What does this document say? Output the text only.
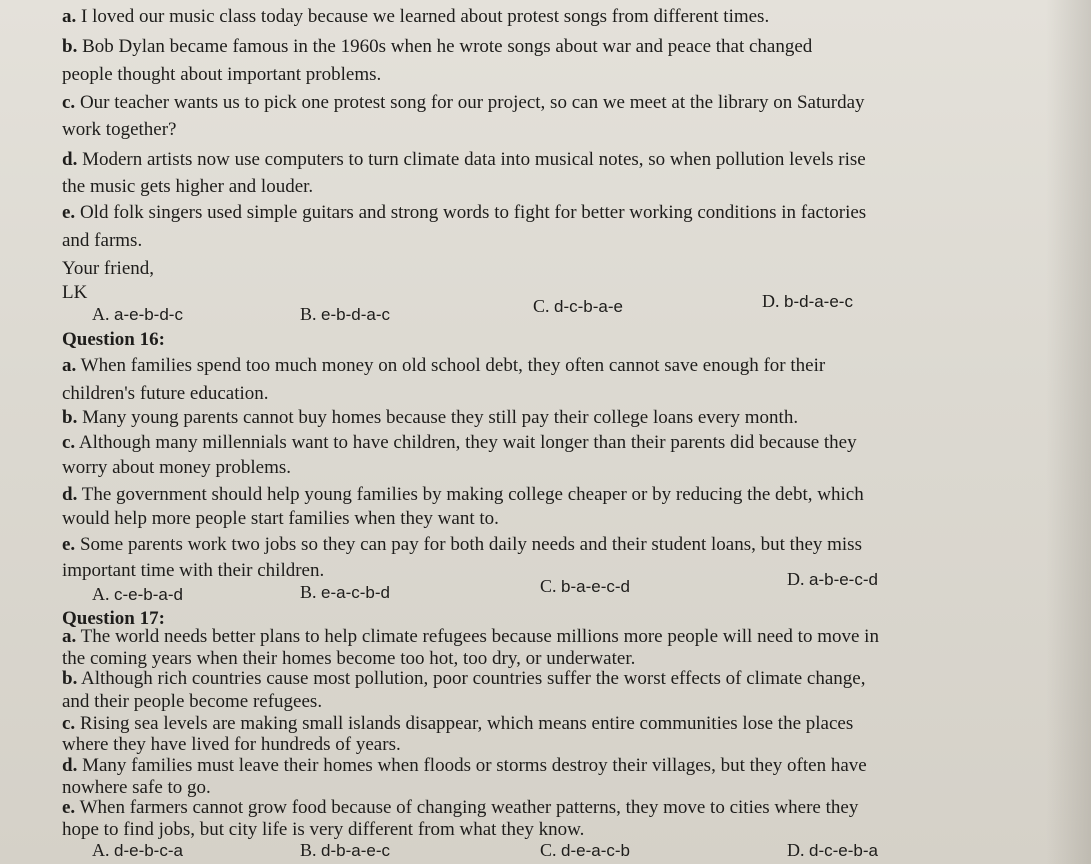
a. I loved our music class today because we learned about protest songs from different times.
b. Bob Dylan became famous in the 1960s when he wrote songs about war and peace that changed
people thought about important problems.
c. Our teacher wants us to pick one protest song for our project, so can we meet at the library on Saturday
work together?
d. Modern artists now use computers to turn climate data into musical notes, so when pollution levels rise
the music gets higher and louder.
e. Old folk singers used simple guitars and strong words to fight for better working conditions in factories
and farms.
Your friend,
LK
A. a-e-b-d-c	B. e-b-d-a-c	C. d-c-b-a-e	D. b-d-a-e-c
Question 16:
a. When families spend too much money on old school debt, they often cannot save enough for their
children's future education.
b. Many young parents cannot buy homes because they still pay their college loans every month.
c. Although many millennials want to have children, they wait longer than their parents did because they
worry about money problems.
d. The government should help young families by making college cheaper or by reducing the debt, which
would help more people start families when they want to.
e. Some parents work two jobs so they can pay for both daily needs and their student loans, but they miss
important time with their children.
A. c-e-b-a-d	B. e-a-c-b-d	C. b-a-e-c-d	D. a-b-e-c-d
Question 17:
a. The world needs better plans to help climate refugees because millions more people will need to move in
the coming years when their homes become too hot, too dry, or underwater.
b. Although rich countries cause most pollution, poor countries suffer the worst effects of climate change,
and their people become refugees.
c. Rising sea levels are making small islands disappear, which means entire communities lose the places
where they have lived for hundreds of years.
d. Many families must leave their homes when floods or storms destroy their villages, but they often have
nowhere safe to go.
e. When farmers cannot grow food because of changing weather patterns, they move to cities where they
hope to find jobs, but city life is very different from what they know.
A. d-e-b-c-a	B. d-b-a-e-c	C. d-e-a-c-b	D. d-c-e-b-a
